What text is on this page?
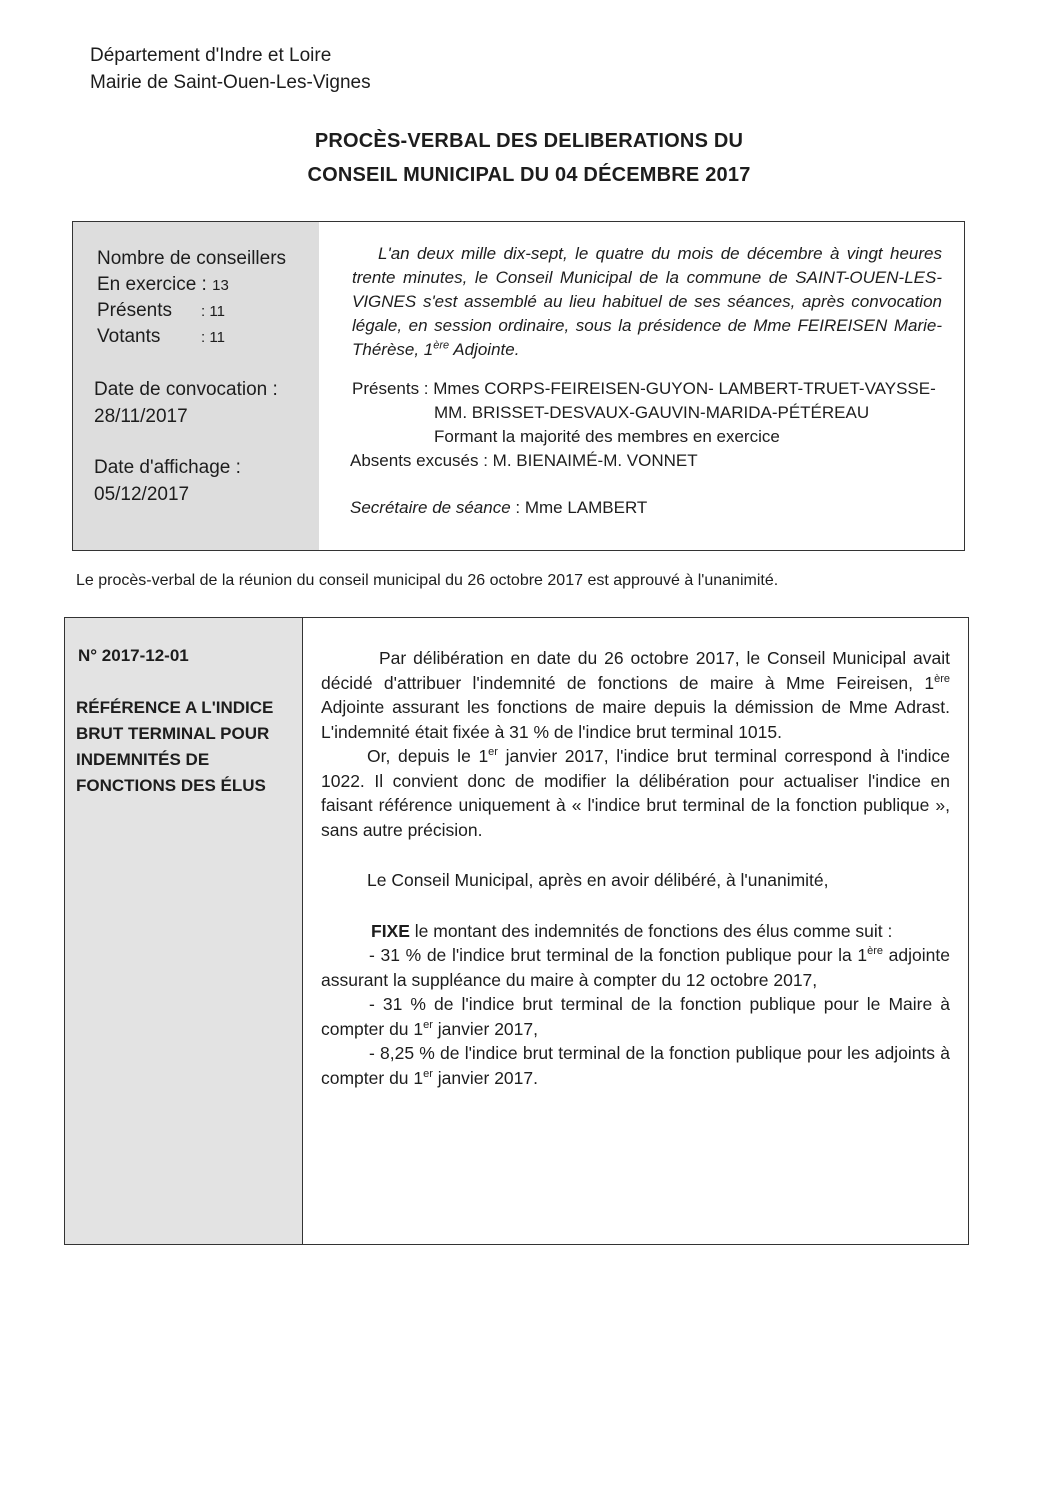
Département d'Indre et Loire
Mairie de Saint-Ouen-Les-Vignes
PROCÈS-VERBAL DES DELIBERATIONS DU
CONSEIL MUNICIPAL DU 04 DÉCEMBRE 2017
Nombre de conseillers
En exercice : 13
Présents : 11
Votants	: 11
Date de convocation :
28/11/2017
Date d'affichage :
05/12/2017

L'an deux mille dix-sept, le quatre du mois de décembre à vingt heures trente minutes, le Conseil Municipal de la commune de SAINT-OUEN-LES-VIGNES s'est assemblé au lieu habituel de ses séances, après convocation légale, en session ordinaire, sous la présidence de Mme FEIREISEN Marie-Thérèse, 1ère Adjointe.

Présents : Mmes CORPS-FEIREISEN-GUYON- LAMBERT-TRUET-VAYSSE-
MM. BRISSET-DESVAUX-GAUVIN-MARIDA-PÉTÉREAU
Formant la majorité des membres en exercice
Absents excusés : M. BIENAIMÉ-M. VONNET
Secrétaire de séance : Mme LAMBERT
Le procès-verbal de la réunion du conseil municipal du 26 octobre 2017 est approuvé à l'unanimité.
N° 2017-12-01
RÉFÉRENCE A L'INDICE BRUT TERMINAL POUR INDEMNITÉS DE FONCTIONS DES ÉLUS

Par délibération en date du 26 octobre 2017, le Conseil Municipal avait décidé d'attribuer l'indemnité de fonctions de maire à Mme Feireisen, 1ère Adjointe assurant les fonctions de maire depuis la démission de Mme Adrast. L'indemnité était fixée à 31 % de l'indice brut terminal 1015.

Or, depuis le 1er janvier 2017, l'indice brut terminal correspond à l'indice 1022. Il convient donc de modifier la délibération pour actualiser l'indice en faisant référence uniquement à « l'indice brut terminal de la fonction publique », sans autre précision.

Le Conseil Municipal, après en avoir délibéré, à l'unanimité,

FIXE le montant des indemnités de fonctions des élus comme suit :

- 31 % de l'indice brut terminal de la fonction publique pour la 1ère adjointe assurant la suppléance du maire à compter du 12 octobre 2017,

- 31 % de l'indice brut terminal de la fonction publique pour le Maire à compter du 1er janvier 2017,

- 8,25 % de l'indice brut terminal de la fonction publique pour les adjoints à compter du 1er janvier 2017.
